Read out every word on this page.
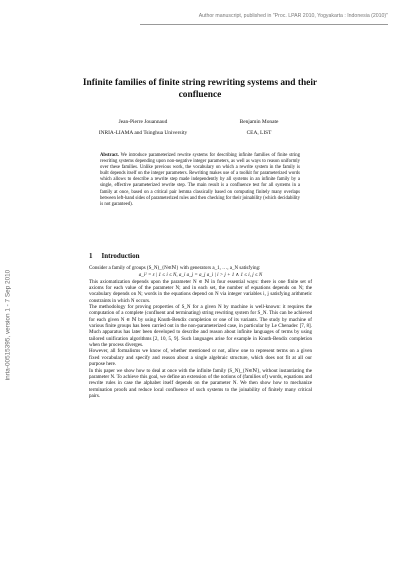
Author manuscript, published in "Proc. LPAR 2010, Yogyakarta : Indonesia (2010)"
inria-00515395, version 1 - 7 Sep 2010
Infinite families of finite string rewriting systems and their confluence
Jean-Pierre Jouannaud
INRIA-LIAMA and Tsinghua University
Benjamin Monate
CEA, LIST
Abstract. We introduce parameterized rewrite systems for describing infinite families of finite string rewriting systems depending upon non-negative integer parameters, as well as ways to reason uniformly over these families. Unlike previous work, the vocabulary on which a rewrite system in the family is built depends itself on the integer parameters. Rewriting makes use of a toolkit for parameterized words which allows to describe a rewrite step made independently by all systems in an infinite family by a single, effective parameterized rewrite step. The main result is a confluence test for all systems in a family at once, based on a critical pair lemma classically based on computing finitely many overlaps between left-hand sides of parameterized rules and then checking for their joinability (which decidability is not garanteed).
1 Introduction

Consider a family of groups (S_N)_{N∈ℕ} with generators a_1, …, a_N satisfying:

a_i² = ε | 1 ≤ i ≤ N, a_i a_j = a_j a_i | i > j + 1 ∧ 1 ≤ i, j ≤ N

This axiomatization depends upon the parameter N ∈ ℕ in four essential ways: there is one finite set of axioms for each value of the parameter N; and in each set, the number of equations depends on N; the vocabulary depends on N; words in the equations depend on N via integer variables i, j satisfying arithmetic constraints in which N occurs.

The methodology for proving properties of S_N for a given N by machine is well-known: it requires the computation of a complete (confluent and terminating) string rewriting system for S_N. This can be achieved for each given N ∈ ℕ by using Knuth-Bendix completion or one of its variants. The study by machine of various finite groups has been carried out in the non-parameterized case, in particular by Le Chenadec [7, 8]. Much apparatus has later been developed to describe and reason about infinite languages of terms by using tailored unification algorithms [2, 10, 5, 9]. Such languages arise for example in Knuth-Bendix completion when the process diverges.

However, all formalisms we know of, whether mentioned or not, allow one to represent terms on a given fixed vocabulary and specify and reason about a single algebraic structure, which does not fit at all our purpose here.

In this paper we show how to deal at once with the infinite family (S_N)_{N∈ℕ}, without instantiating the parameter N. To achieve this goal, we define an extension of the notions of (families of) words, equations and rewrite rules in case the alphabet itself depends on the parameter N. We then show how to mechanize termination proofs and reduce local confluence of such systems to the joinability of finitely many critical pairs.
